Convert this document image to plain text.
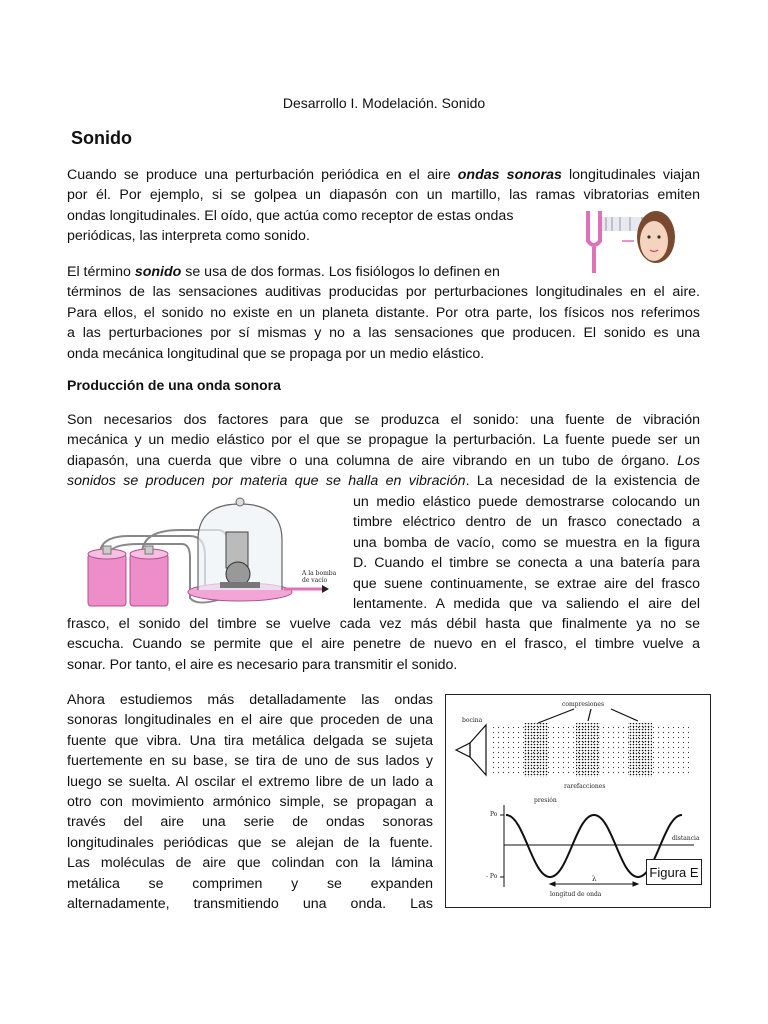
Desarrollo I. Modelación. Sonido
Sonido
Cuando se produce una perturbación periódica en el aire ondas sonoras longitudinales viajan
por él. Por ejemplo, si se golpea un diapasón con un martillo, las ramas vibratorias emiten
ondas longitudinales. El oído, que actúa como receptor de estas ondas
periódicas, las interpreta como sonido.
El término sonido se usa de dos formas. Los fisiólogos lo definen en
términos de las sensaciones auditivas producidas por perturbaciones longitudinales en el aire.
Para ellos, el sonido no existe en un planeta distante. Por otra parte, los físicos nos referimos
a las perturbaciones por sí mismas y no a las sensaciones que producen. El sonido es una
onda mecánica longitudinal que se propaga por un medio elástico.
Producción de una onda sonora
Son necesarios dos factores para que se produzca el sonido: una fuente de vibración
mecánica y un medio elástico por el que se propague la perturbación. La fuente puede ser un
diapasón, una cuerda que vibre o una columna de aire vibrando en un tubo de órgano. Los
sonidos se producen por materia que se halla en vibración. La necesidad de la existencia de
un medio elástico puede demostrarse colocando un
timbre eléctrico dentro de un frasco conectado a
una bomba de vacío, como se muestra en la figura
D. Cuando el timbre se conecta a una batería para
que suene continuamente, se extrae aire del frasco
lentamente. A medida que va saliendo el aire del
frasco, el sonido del timbre se vuelve cada vez más débil hasta que finalmente ya no se
escucha. Cuando se permite que el aire penetre de nuevo en el frasco, el timbre vuelve a
sonar. Por tanto, el aire es necesario para transmitir el sonido.
A la bomba de vacío
Ahora estudiemos más detalladamente las ondas
sonoras longitudinales en el aire que proceden de una
fuente que vibra. Una tira metálica delgada se sujeta
fuertemente en su base, se tira de uno de sus lados y
luego se suelta. Al oscilar el extremo libre de un lado a
otro con movimiento armónico simple, se propagan a
través del aire una serie de ondas sonoras
longitudinales periódicas que se alejan de la fuente.
Las moléculas de aire que colindan con la lámina
metálica se comprimen y se expanden
alternadamente, transmitiendo una onda. Las
bocina
compresiones
rarefacciones
presión
Po
- Po
distancia
λ
longitud de onda
Figura E
